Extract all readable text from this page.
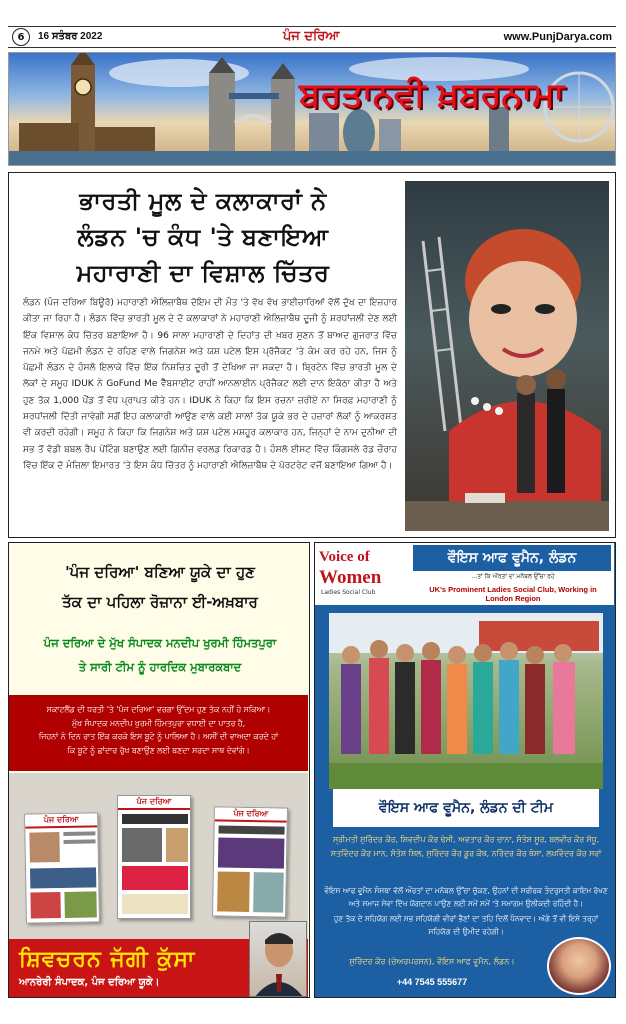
6	16 ਸਤੰਬਰ 2022	ਪੰਜ ਦਰਿਆ	www.PunjDarya.com
ਬਰਤਾਨਵੀ ਖ਼ਬਰਨਾਮਾ
ਭਾਰਤੀ ਮੂਲ ਦੇ ਕਲਾਕਾਰਾਂ ਨੇ
ਲੰਡਨ 'ਚ ਕੰਧ 'ਤੇ ਬਣਾਇਆ
ਮਹਾਰਾਣੀ ਦਾ ਵਿਸ਼ਾਲ ਚਿੱਤਰ

ਲੰਡਨ (ਪੰਜ ਦਰਿਆ ਬਿਊਰੋ) ਮਹਾਰਾਣੀ ਐਲਿਜ਼ਾਬੈਥ ਦੋਇਮ ਦੀ ਮੌਤ 'ਤੇ ਵੱਖ ਵੱਖ ਭਾਈਚਾਰਿਆਂ ਵੱਲੋਂ ਦੁੱਖ ਦਾ ਇਜ਼ਹਾਰ ਕੀਤਾ ਜਾ ਰਿਹਾ ਹੈ। ਲੰਡਨ ਵਿੱਚ ਭਾਰਤੀ ਮੂਲ ਦੇ ਦੋ ਕਲਾਕਾਰਾਂ ਨੇ ਮਹਾਰਾਣੀ ਐਲਿਜ਼ਾਬੈਥ ਦੂਜੀ ਨੂੰ ਸ਼ਰਧਾਂਜਲੀ ਦੇਣ ਲਈ ਇੱਕ ਵਿਸ਼ਾਲ ਕੰਧ ਚਿੱਤਰ ਬਣਾਇਆ ਹੈ। 96 ਸਾਲਾ ਮਹਾਰਾਣੀ ਦੇ ਦਿਹਾਂਤ ਦੀ ਖ਼ਬਰ ਸੁਣਨ ਤੋਂ ਬਾਅਦ ਗੁਜਰਾਤ ਵਿੱਚ ਜਨਮੇ ਅਤੇ ਪੱਛਮੀ ਲੰਡਨ ਦੇ ਰਹਿਣ ਵਾਲੇ ਜਿਗਨੇਸ਼ ਅਤੇ ਯਸ਼ ਪਟੇਲ ਇਸ ਪ੍ਰੋਜੈਕਟ 'ਤੇ ਕੰਮ ਕਰ ਰਹੇ ਹਨ, ਜਿਸ ਨੂੰ ਪੱਛਮੀ ਲੰਡਨ ਦੇ ਹੰਸਲੋ ਇਲਾਕੇ ਵਿੱਚ ਇੱਕ ਨਿਸ਼ਚਿਤ ਦੂਰੀ ਤੋਂ ਦੇਖਿਆ ਜਾ ਸਕਦਾ ਹੈ। ਬ੍ਰਿਟੇਨ ਵਿੱਚ ਭਾਰਤੀ ਮੂਲ ਦੇ ਲੋਕਾਂ ਦੇ ਸਮੂਹ IDUK ਨੇ GoFund Me ਵੈੱਬਸਾਈਟ ਰਾਹੀਂ ਆਨਲਾਈਨ ਪ੍ਰੋਜੈਕਟ ਲਈ ਦਾਨ ਇਕੱਠਾ ਕੀਤਾ ਹੈ ਅਤੇ ਹੁਣ ਤੱਕ 1,000 ਪੌਂਡ ਤੋਂ ਵੱਧ ਪ੍ਰਾਪਤ ਕੀਤੇ ਹਨ। IDUK ਨੇ ਕਿਹਾ ਕਿ ਇਸ ਰਚਨਾ ਜ਼ਰੀਏ ਨਾ ਸਿਰਫ਼ ਮਹਾਰਾਣੀ ਨੂੰ ਸ਼ਰਧਾਂਜਲੀ ਦਿੱਤੀ ਜਾਵੇਗੀ ਸਗੋਂ ਇਹ ਕਲਾਕਾਰੀ ਆਉਣ ਵਾਲੇ ਕਈ ਸਾਲਾਂ ਤੱਕ ਯੂਕੇ ਭਰ ਦੇ ਹਜ਼ਾਰਾਂ ਲੋਕਾਂ ਨੂੰ ਆਕਰਸ਼ਤ ਵੀ ਕਰਦੀ ਰਹੇਗੀ। ਸਮੂਹ ਨੇ ਕਿਹਾ ਕਿ ਜਿਗਨੇਸ਼ ਅਤੇ ਯਸ਼ ਪਟੇਲ ਮਸ਼ਹੂਰ ਕਲਾਕਾਰ ਹਨ, ਜਿਨ੍ਹਾਂ ਦੇ ਨਾਮ ਦੁਨੀਆ ਦੀ ਸਭ ਤੋਂ ਵੱਡੀ ਬਬਲ ਰੈਪ ਪੇਂਟਿੰਗ ਬਣਾਉਣ ਲਈ ਗਿਨੀਜ਼ ਵਰਲਡ ਰਿਕਾਰਡ ਹੈ। ਹੰਸਲੋ ਈਸਟ ਵਿੱਚ ਕਿੰਗਸਲੇ ਰੋਡ ਚੌਰਾਹ ਵਿੱਚ ਇੱਕ ਦੋ ਮੰਜ਼ਿਲਾ ਇਮਾਰਤ 'ਤੇ ਇਸ ਕੰਧ ਚਿੱਤਰ ਨੂੰ ਮਹਾਰਾਣੀ ਐਲਿਜ਼ਾਬੈਥ ਦੇ ਪੋਰਟਰੇਟ ਵਜੋਂ ਬਣਾਇਆ ਗਿਆ ਹੈ।

'ਪੰਜ ਦਰਿਆ' ਬਣਿਆ ਯੂਕੇ ਦਾ ਹੁਣ
ਤੱਕ ਦਾ ਪਹਿਲਾ ਰੋਜ਼ਾਨਾ ਈ-ਅਖ਼ਬਾਰ
ਪੰਜ ਦਰਿਆ ਦੇ ਮੁੱਖ ਸੰਪਾਦਕ ਮਨਦੀਪ ਖੁਰਮੀ ਹਿੰਮਤਪੁਰਾ
ਤੇ ਸਾਰੀ ਟੀਮ ਨੂੰ ਹਾਰਦਿਕ ਮੁਬਾਰਕਬਾਦ
ਸਕਾਟਲੈਂਡ ਦੀ ਧਰਤੀ 'ਤੇ 'ਪੰਜ ਦਰਿਆ' ਵਰਗਾ ਉੱਦਮ ਹੁਣ ਤੱਕ ਨਹੀਂ ਹੋ ਸਕਿਆ।
ਮੁੱਖ ਸੰਪਾਦਕ ਮਨਦੀਪ ਖੁਰਮੀ ਹਿੰਮਤਪੁਰਾ ਵਧਾਈ ਦਾ ਪਾਤਰ ਹੈ,
ਜਿਹਨਾਂ ਨੇ ਦਿਨ ਰਾਤ ਇੱਕ ਕਰਕੇ ਇਸ ਬੂਟੇ ਨੂੰ ਪਾਲਿਆ ਹੈ। ਅਸੀਂ ਦੀ ਵਾਅਦਾ ਕਰਦੇ ਹਾਂ
ਕਿ ਬੂਟੇ ਨੂੰ ਛਾਂਦਾਰ ਰੁੱਖ ਬਣਾਉਣ ਲਈ ਬਣਦਾ ਸਰਦਾ ਸਾਥ ਦੇਵਾਂਗੇ।
ਪੰਜ ਦਰਿਆ
ਪੰਜ ਦਰਿਆ
ਪੰਜ ਦਰਿਆ
ਸ਼ਿਵਚਰਨ ਜੱਗੀ ਕੁੱਸਾ
ਆਨਰੇਰੀ ਸੰਪਾਦਕ, ਪੰਜ ਦਰਿਆ ਯੂਕੇ।
Voice of
Women
Ladies Social Club
ਵੌਇਸ ਆਫ ਵੂਮੈਨ, ਲੰਡਨ
...ਤਾਂ ਕਿ ਔਰਤਾਂ ਦਾ ਮਨੋਬਲ ਉੱਚਾ ਰਹੇ
UK's Prominent Ladies Social Club, Working in London Region
ਵੌਇਸ ਆਫ ਵੂਮੈਨ, ਲੰਡਨ ਦੀ ਟੀਮ
ਸ੍ਰੀਮਤੀ ਸੁਰਿੰਦਰ ਕੌਰ, ਸ਼ਿਵਦੀਪ ਕੌਰ ਢੇਸੀ, ਅਵਤਾਰ ਕੌਰ ਚਾਨਾ, ਸੰਤੋਸ਼ ਸੂਰ, ਬਲਵੀਰ ਕੌਰ ਸੱਧੂ, ਸਤਵਿੰਦਰ ਕੌਰ ਮਾਨ, ਸੰਤੋਸ਼ ਸ਼ਿਲ, ਸੁਰਿੰਦਰ ਕੌਰ ਡੂਰ ਕੌਥ, ਨਰਿੰਦਰ ਕੌਰ ਥੋਸਾ, ਲਖਵਿੰਦਰ ਕੌਰ ਸਰਾਂ
ਵੌਇਸ ਆਫ ਵੂਮੈਨ ਸੰਸਥਾ ਵੱਲੋਂ ਔਰਤਾਂ ਦਾ ਮਨੋਬਲ ਉੱਚਾ ਚੁੱਕਣ, ਉਹਨਾਂ ਦੀ ਸਰੀਰਕ ਤੰਦਰੁਸਤੀ ਕਾਇਮ ਰੱਖਣ ਅਤੇ ਸਮਾਜ ਸੇਵਾ ਦਿੱਖ ਯੋਗਦਾਨ ਪਾਉਣ ਲਈ ਸਮੇਂ ਸਮੇਂ 'ਤੇ ਸਮਾਗਮ ਉਲੀਕਦੀ ਰਹਿੰਦੀ ਹੈ।
ਹੁਣ ਤੱਕ ਦੇ ਸਹਿਯੋਗ ਲਈ ਸਭ ਸਹਿਯੋਗੀ ਵੀਰਾਂ ਭੈਣਾਂ ਦਾ ਤਹਿ ਦਿਲੋਂ ਧੰਨਵਾਦ। ਅੱਗੇ ਤੋਂ ਵੀ ਇਸੇ ਤਰ੍ਹਾਂ ਸਹਿਯੋਗ ਦੀ ਉਮੀਦ ਰਹੇਗੀ।
ਸੁਰਿੰਦਰ ਕੌਰ (ਚੇਅਰਪਰਸਨ), ਵੌਇਸ ਆਫ ਵੂਮੈਨ, ਲੰਡਨ।
+44 7545 555677
